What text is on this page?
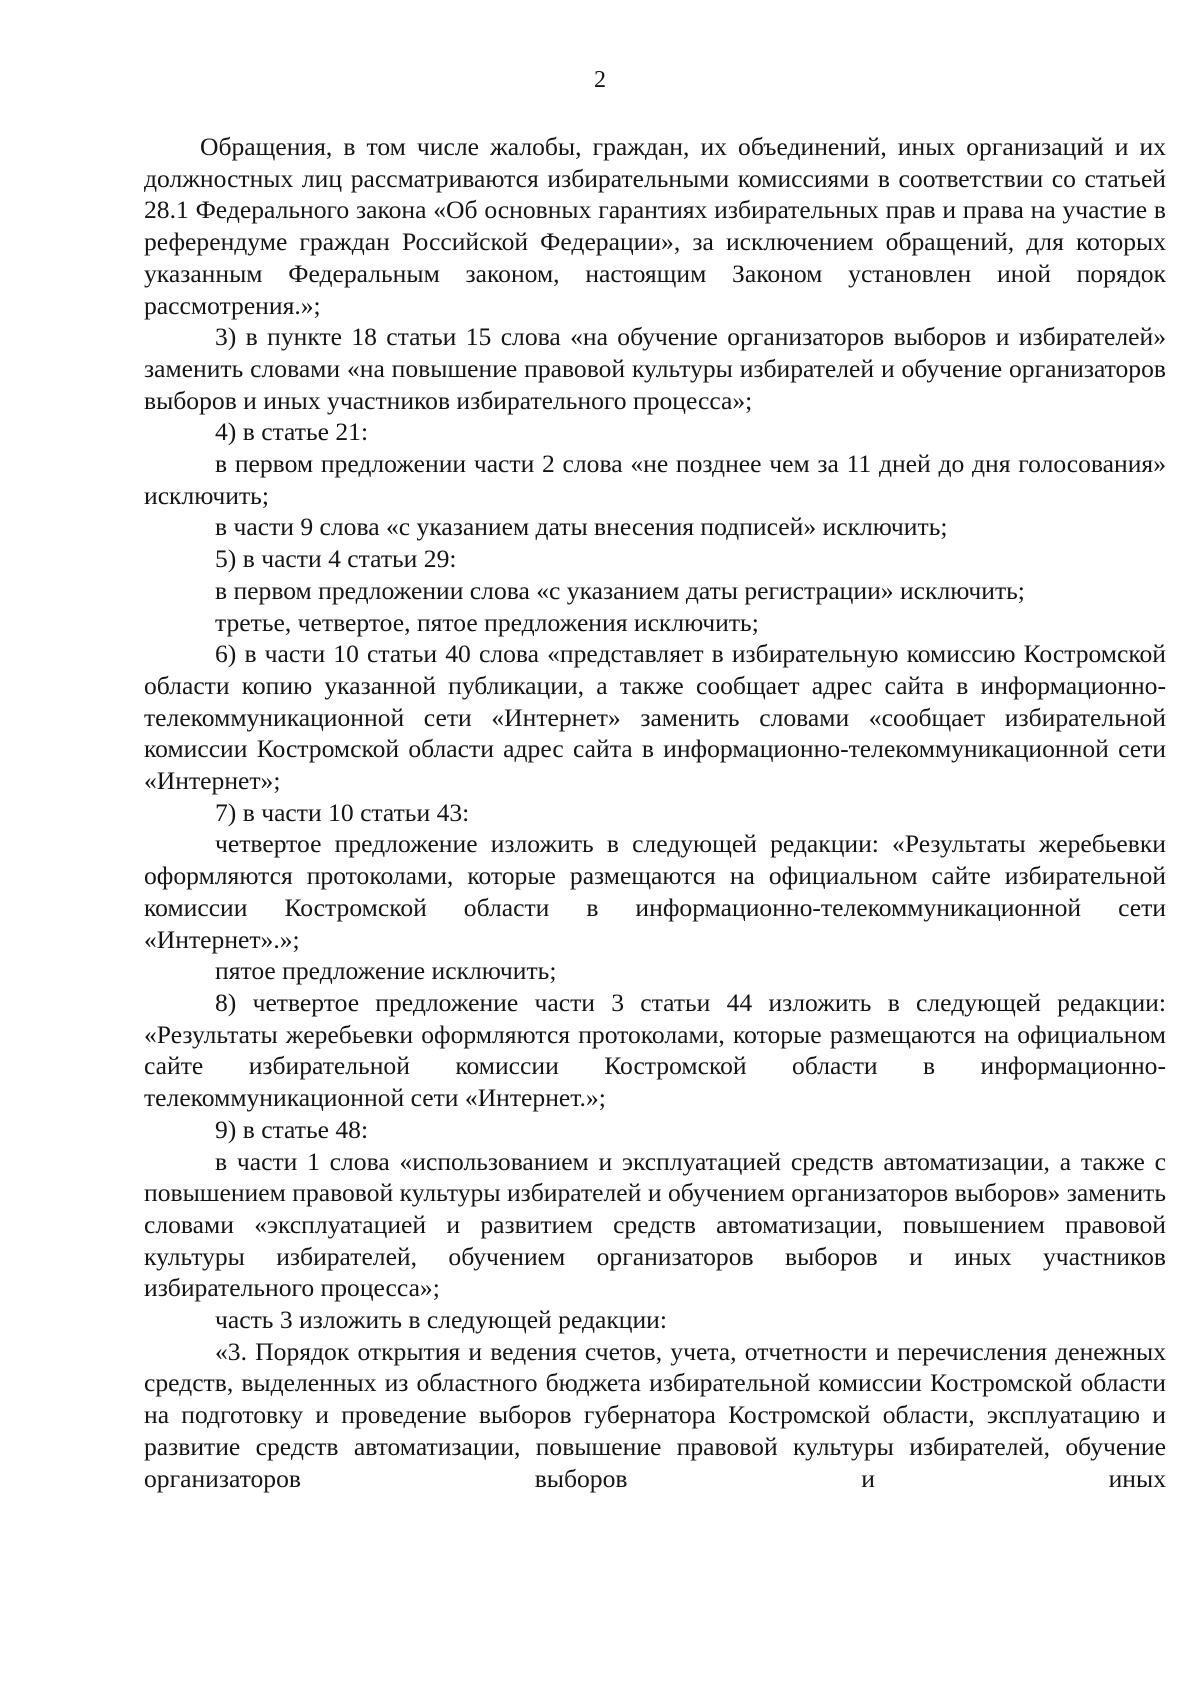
2

Обращения, в том числе жалобы, граждан, их объединений, иных организаций и их должностных лиц рассматриваются избирательными комиссиями в соответствии со статьей 28.1 Федерального закона «Об основных гарантиях избирательных прав и права на участие в референдуме граждан Российской Федерации», за исключением обращений, для которых указанным Федеральным законом, настоящим Законом установлен иной порядок рассмотрения.»;

3) в пункте 18 статьи 15 слова «на обучение организаторов выборов и избирателей» заменить словами «на повышение правовой культуры избирателей и обучение организаторов выборов и иных участников избирательного процесса»;

4) в статье 21:

в первом предложении части 2 слова «не позднее чем за 11 дней до дня голосования» исключить;

в части 9 слова «с указанием даты внесения подписей» исключить;

5) в части 4 статьи 29:

в первом предложении слова «с указанием даты регистрации» исключить;

третье, четвертое, пятое предложения исключить;

6) в части 10 статьи 40 слова «представляет в избирательную комиссию Костромской области копию указанной публикации, а также сообщает адрес сайта в информационно-телекоммуникационной сети «Интернет» заменить словами «сообщает избирательной комиссии Костромской области адрес сайта в информационно-телекоммуникационной сети «Интернет»;

7) в части 10 статьи 43:

четвертое предложение изложить в следующей редакции: «Результаты жеребьевки оформляются протоколами, которые размещаются на официальном сайте избирательной комиссии Костромской области в информационно-телекоммуникационной сети «Интернет».»;

пятое предложение исключить;

8) четвертое предложение части 3 статьи 44 изложить в следующей редакции: «Результаты жеребьевки оформляются протоколами, которые размещаются на официальном сайте избирательной комиссии Костромской области в информационно-телекоммуникационной сети «Интернет.»;

9) в статье 48:

в части 1 слова «использованием и эксплуатацией средств автоматизации, а также с повышением правовой культуры избирателей и обучением организаторов выборов» заменить словами «эксплуатацией и развитием средств автоматизации, повышением правовой культуры избирателей, обучением организаторов выборов и иных участников избирательного процесса»;

часть 3 изложить в следующей редакции:

«3. Порядок открытия и ведения счетов, учета, отчетности и перечисления денежных средств, выделенных из областного бюджета избирательной комиссии Костромской области на подготовку и проведение выборов губернатора Костромской области, эксплуатацию и развитие средств автоматизации, повышение правовой культуры избирателей, обучение организаторов выборов и иных
